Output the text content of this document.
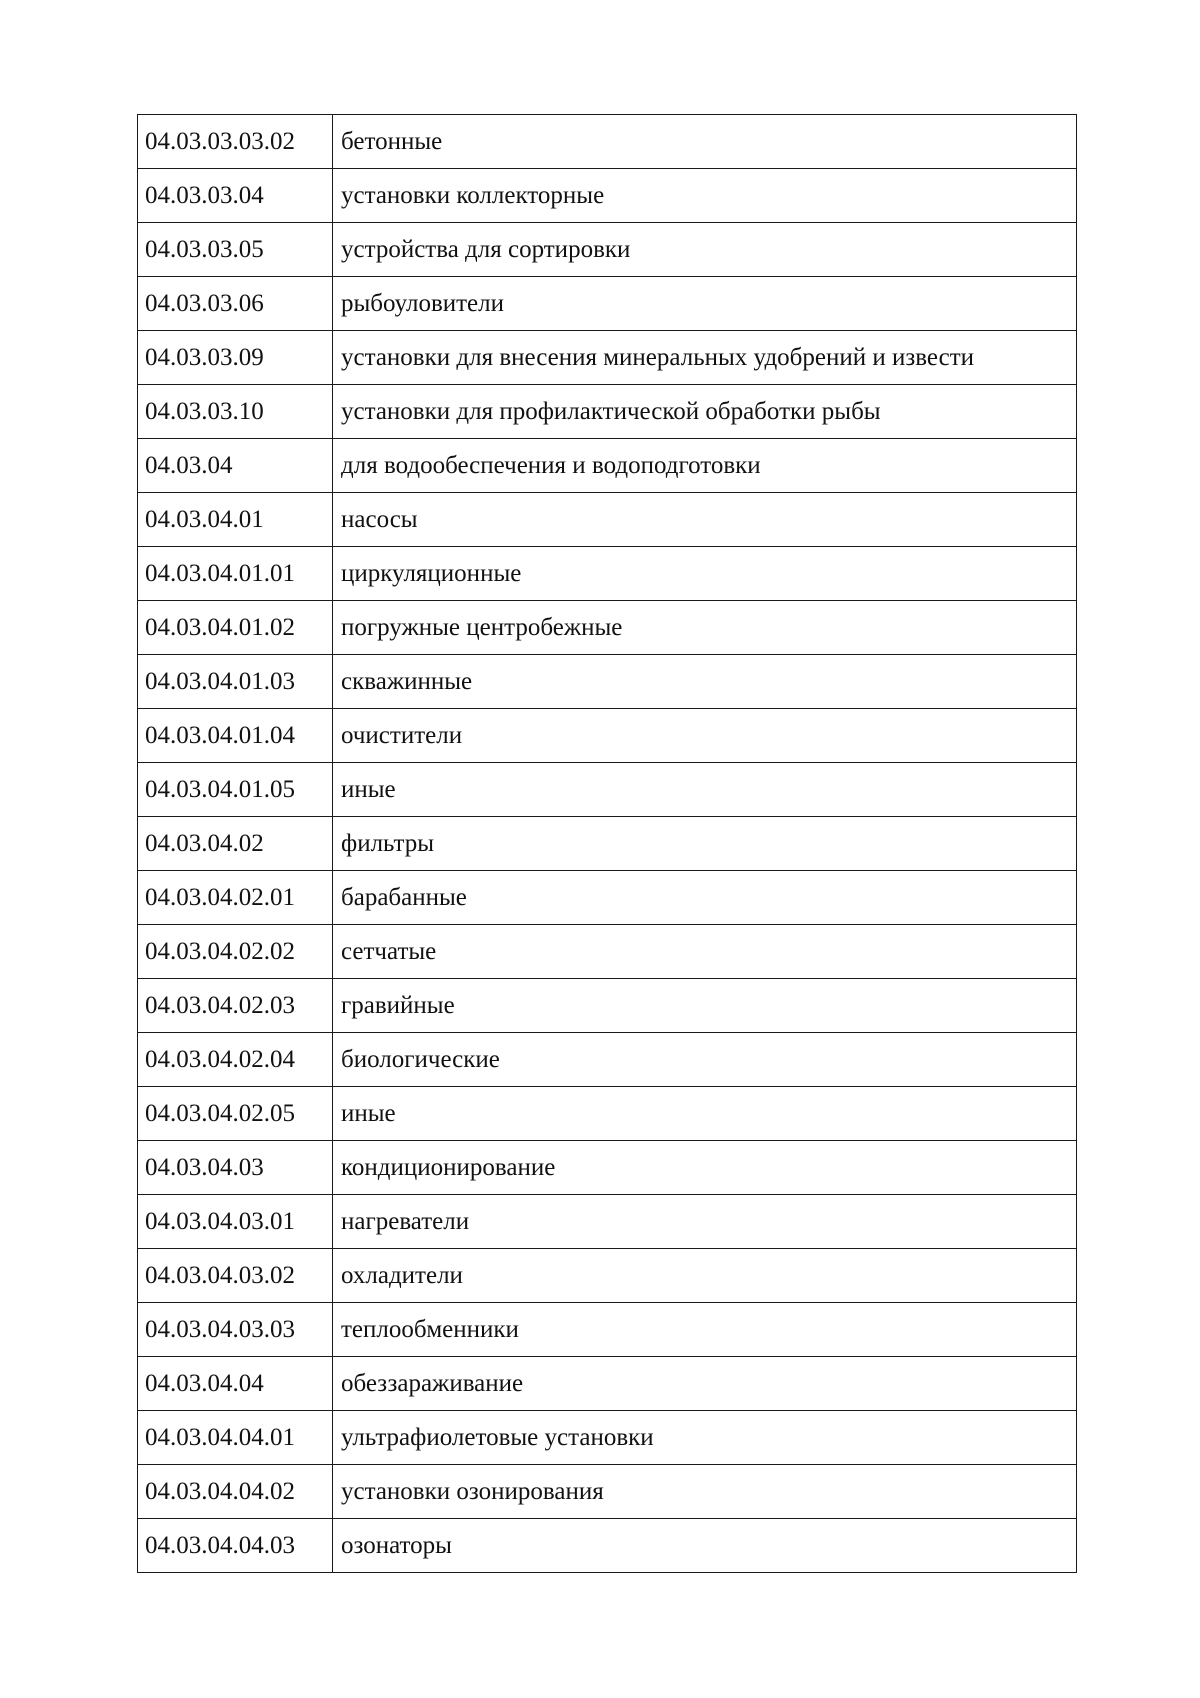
04.03.03.03.02	бетонные
04.03.03.04	установки коллекторные
04.03.03.05	устройства для сортировки
04.03.03.06	рыбоуловители
04.03.03.09	установки для внесения минеральных удобрений и извести
04.03.03.10	установки для профилактической обработки рыбы
04.03.04	для водообеспечения и водоподготовки
04.03.04.01	насосы
04.03.04.01.01	циркуляционные
04.03.04.01.02	погружные центробежные
04.03.04.01.03	скважинные
04.03.04.01.04	очистители
04.03.04.01.05	иные
04.03.04.02	фильтры
04.03.04.02.01	барабанные
04.03.04.02.02	сетчатые
04.03.04.02.03	гравийные
04.03.04.02.04	биологические
04.03.04.02.05	иные
04.03.04.03	кондиционирование
04.03.04.03.01	нагреватели
04.03.04.03.02	охладители
04.03.04.03.03	теплообменники
04.03.04.04	обеззараживание
04.03.04.04.01	ультрафиолетовые установки
04.03.04.04.02	установки озонирования
04.03.04.04.03	озонаторы
